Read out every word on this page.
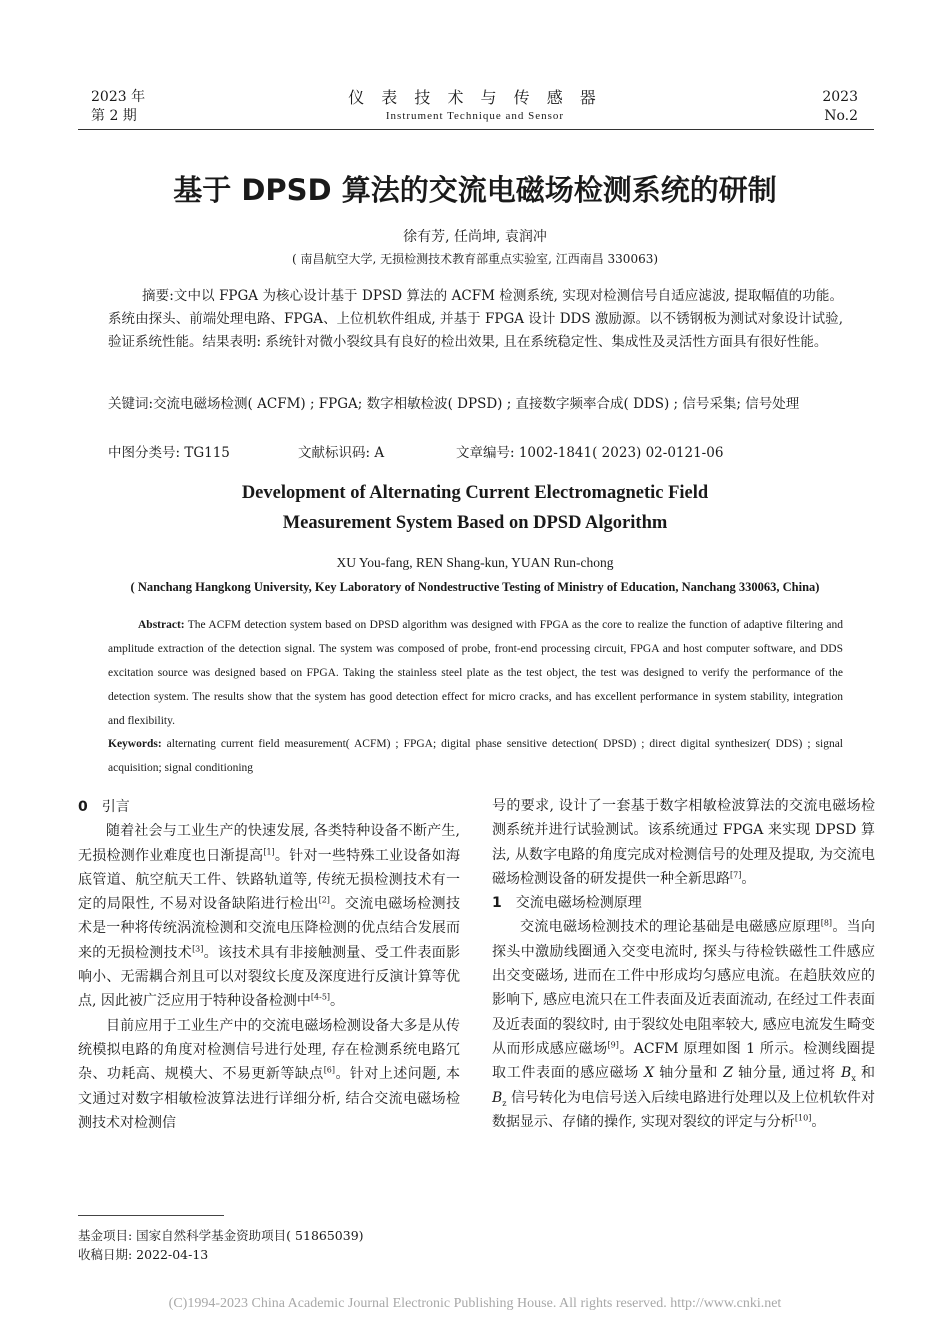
2023 年
第 2 期
仪 表 技 术 与 传 感 器
Instrument Technique and Sensor
2023
No.2
基于 DPSD 算法的交流电磁场检测系统的研制
徐有芳, 任尚坤, 袁润冲
( 南昌航空大学, 无损检测技术教育部重点实验室, 江西南昌 330063)
摘要:文中以 FPGA 为核心设计基于 DPSD 算法的 ACFM 检测系统, 实现对检测信号自适应滤波, 提取幅值的功能。系统由探头、前端处理电路、FPGA、上位机软件组成, 并基于 FPGA 设计 DDS 激励源。以不锈钢板为测试对象设计试验, 验证系统性能。结果表明: 系统针对微小裂纹具有良好的检出效果, 且在系统稳定性、集成性及灵活性方面具有很好性能。
关键词:交流电磁场检测( ACFM) ; FPGA; 数字相敏检波( DPSD) ; 直接数字频率合成( DDS) ; 信号采集; 信号处理
中图分类号: TG115	文献标识码: A	文章编号: 1002-1841( 2023) 02-0121-06
Development of Alternating Current Electromagnetic Field
Measurement System Based on DPSD Algorithm
XU You-fang, REN Shang-kun, YUAN Run-chong
( Nanchang Hangkong University, Key Laboratory of Nondestructive Testing of Ministry of Education, Nanchang 330063, China)
Abstract: The ACFM detection system based on DPSD algorithm was designed with FPGA as the core to realize the function of adaptive filtering and amplitude extraction of the detection signal. The system was composed of probe, front-end processing circuit, FPGA and host computer software, and DDS excitation source was designed based on FPGA. Taking the stainless steel plate as the test object, the test was designed to verify the performance of the detection system. The results show that the system has good detection effect for micro cracks, and has excellent performance in system stability, integration and flexibility.
Keywords: alternating current field measurement( ACFM) ; FPGA; digital phase sensitive detection( DPSD) ; direct digital synthesizer( DDS) ; signal acquisition; signal conditioning
0 引言

随着社会与工业生产的快速发展, 各类特种设备不断产生, 无损检测作业难度也日渐提高[1]。针对一些特殊工业设备如海底管道、航空航天工件、铁路轨道等, 传统无损检测技术有一定的局限性, 不易对设备缺陷进行检出[2]。交流电磁场检测技术是一种将传统涡流检测和交流电压降检测的优点结合发展而来的无损检测技术[3]。该技术具有非接触测量、受工件表面影响小、无需耦合剂且可以对裂纹长度及深度进行反演计算等优点, 因此被广泛应用于特种设备检测中[4-5]。

目前应用于工业生产中的交流电磁场检测设备大多是从传统模拟电路的角度对检测信号进行处理, 存在检测系统电路冗杂、功耗高、规模大、不易更新等缺点[6]。针对上述问题, 本文通过对数字相敏检波算法进行详细分析, 结合交流电磁场检测技术对检测信

号的要求, 设计了一套基于数字相敏检波算法的交流电磁场检测系统并进行试验测试。该系统通过 FPGA 来实现 DPSD 算法, 从数字电路的角度完成对检测信号的处理及提取, 为交流电磁场检测设备的研发提供一种全新思路[7]。

1 交流电磁场检测原理

交流电磁场检测技术的理论基础是电磁感应原理[8]。当向探头中激励线圈通入交变电流时, 探头与待检铁磁性工件感应出交变磁场, 进而在工件中形成均匀感应电流。在趋肤效应的影响下, 感应电流只在工件表面及近表面流动, 在经过工件表面及近表面的裂纹时, 由于裂纹处电阻率较大, 感应电流发生畸变从而形成感应磁场[9]。ACFM 原理如图 1 所示。检测线圈提取工件表面的感应磁场 X 轴分量和 Z 轴分量, 通过将 $B_x$ 和 $B_z$ 信号转化为电信号送入后续电路进行处理以及上位机软件对数据显示、存储的操作, 实现对裂纹的评定与分析[10]。

基金项目: 国家自然科学基金资助项目( 51865039)
收稿日期: 2022-04-13
(C)1994-2023 China Academic Journal Electronic Publishing House. All rights reserved. http://www.cnki.net
